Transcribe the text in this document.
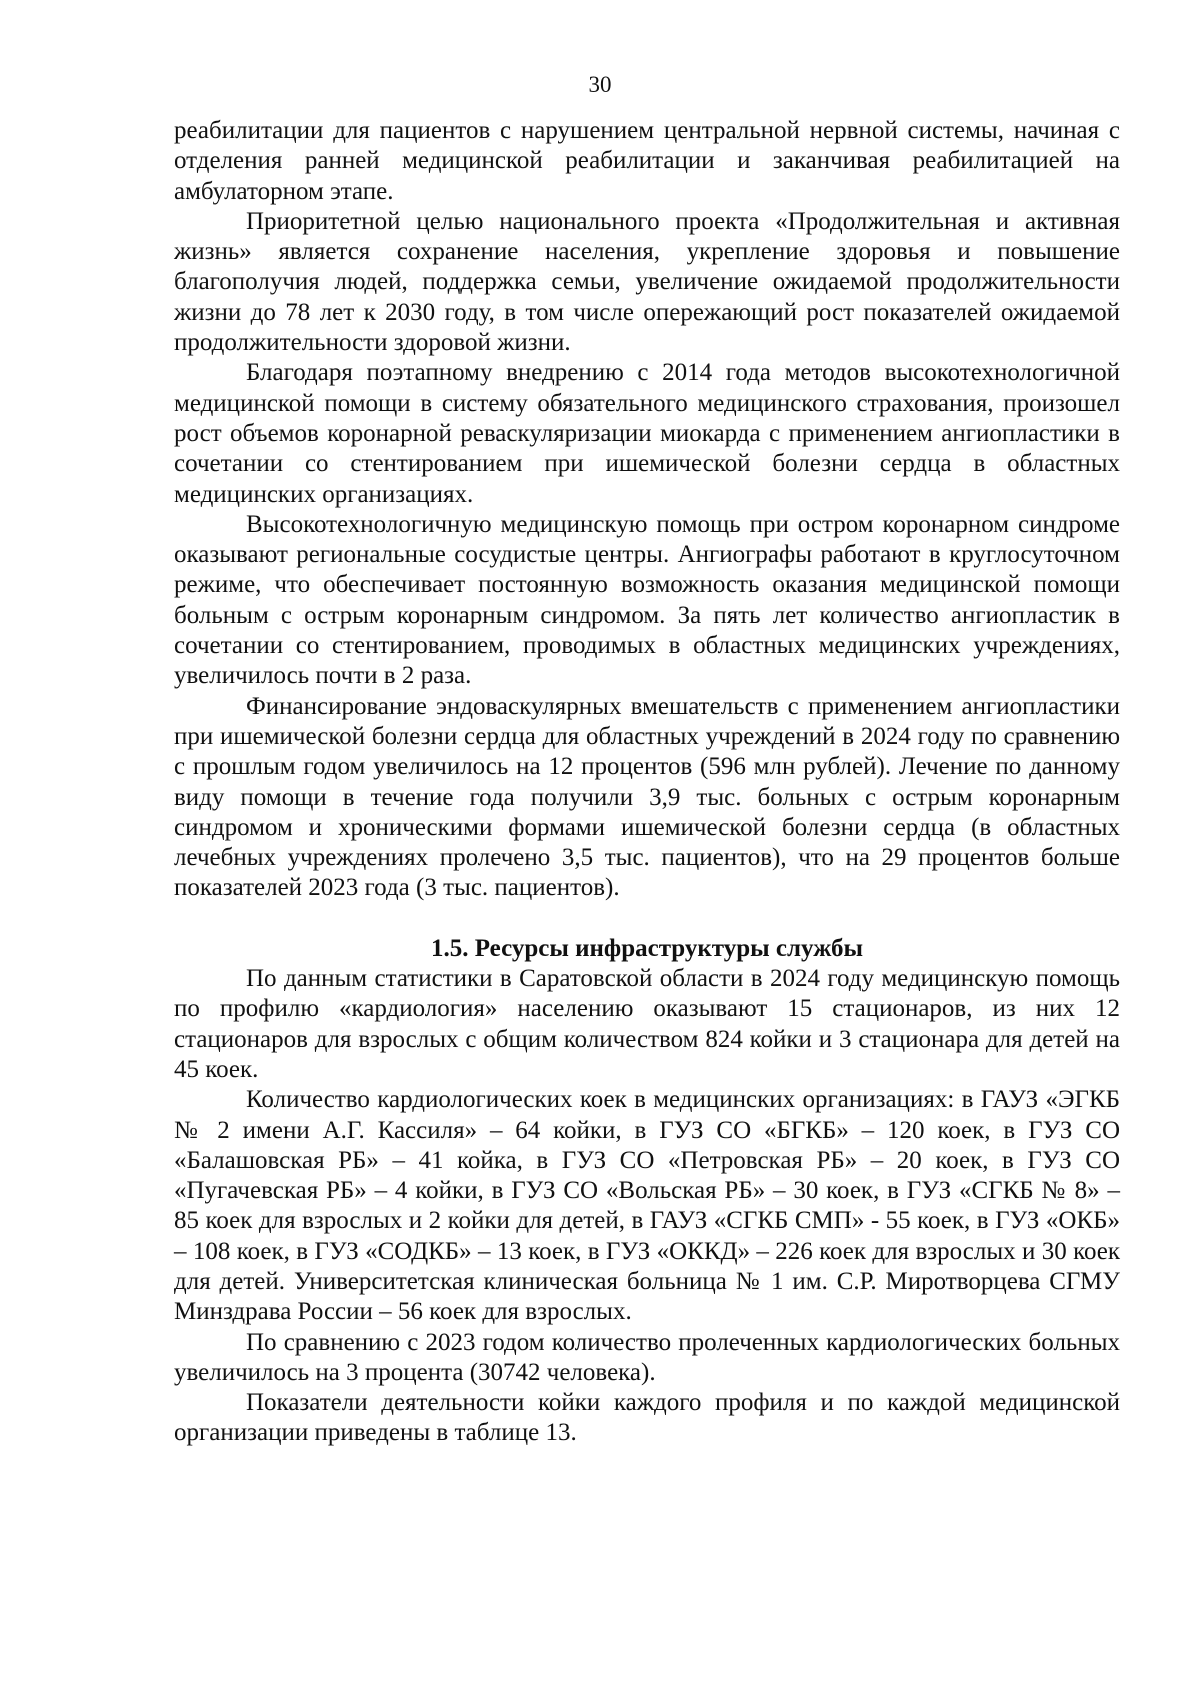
30

реабилитации для пациентов с нарушением центральной нервной системы, начиная с отделения ранней медицинской реабилитации и заканчивая реабилитацией на амбулаторном этапе.

Приоритетной целью национального проекта «Продолжительная и активная жизнь» является сохранение населения, укрепление здоровья и повышение благополучия людей, поддержка семьи, увеличение ожидаемой продолжительности жизни до 78 лет к 2030 году, в том числе опережающий рост показателей ожидаемой продолжительности здоровой жизни.

Благодаря поэтапному внедрению с 2014 года методов высокотехнологичной медицинской помощи в систему обязательного медицинского страхования, произошел рост объемов коронарной реваскуляризации миокарда с применением ангиопластики в сочетании со стентированием при ишемической болезни сердца в областных медицинских организациях.

Высокотехнологичную медицинскую помощь при остром коронарном синдроме оказывают региональные сосудистые центры. Ангиографы работают в круглосуточном режиме, что обеспечивает постоянную возможность оказания медицинской помощи больным с острым коронарным синдромом. За пять лет количество ангиопластик в сочетании со стентированием, проводимых в областных медицинских учреждениях, увеличилось почти в 2 раза.

Финансирование эндоваскулярных вмешательств с применением ангиопластики при ишемической болезни сердца для областных учреждений в 2024 году по сравнению с прошлым годом увеличилось на 12 процентов (596 млн рублей). Лечение по данному виду помощи в течение года получили 3,9 тыс. больных с острым коронарным синдромом и хроническими формами ишемической болезни сердца (в областных лечебных учреждениях пролечено 3,5 тыс. пациентов), что на 29 процентов больше показателей 2023 года (3 тыс. пациентов).

1.5. Ресурсы инфраструктуры службы

По данным статистики в Саратовской области в 2024 году медицинскую помощь по профилю «кардиология» населению оказывают 15 стационаров, из них 12 стационаров для взрослых с общим количеством 824 койки и 3 стационара для детей на 45 коек.

Количество кардиологических коек в медицинских организациях: в ГАУЗ «ЭГКБ № 2 имени А.Г. Кассиля» – 64 койки, в ГУЗ СО «БГКБ» – 120 коек, в ГУЗ СО «Балашовская РБ» – 41 койка, в ГУЗ СО «Петровская РБ» – 20 коек, в ГУЗ СО «Пугачевская РБ» – 4 койки, в ГУЗ СО «Вольская РБ» – 30 коек, в ГУЗ «СГКБ № 8» – 85 коек для взрослых и 2 койки для детей, в ГАУЗ «СГКБ СМП» - 55 коек, в ГУЗ «ОКБ» – 108 коек, в ГУЗ «СОДКБ» – 13 коек, в ГУЗ «ОККД» – 226 коек для взрослых и 30 коек для детей. Университетская клиническая больница № 1 им. С.Р. Миротворцева СГМУ Минздрава России – 56 коек для взрослых.

По сравнению с 2023 годом количество пролеченных кардиологических больных увеличилось на 3 процента (30742 человека).

Показатели деятельности койки каждого профиля и по каждой медицинской организации приведены в таблице 13.
